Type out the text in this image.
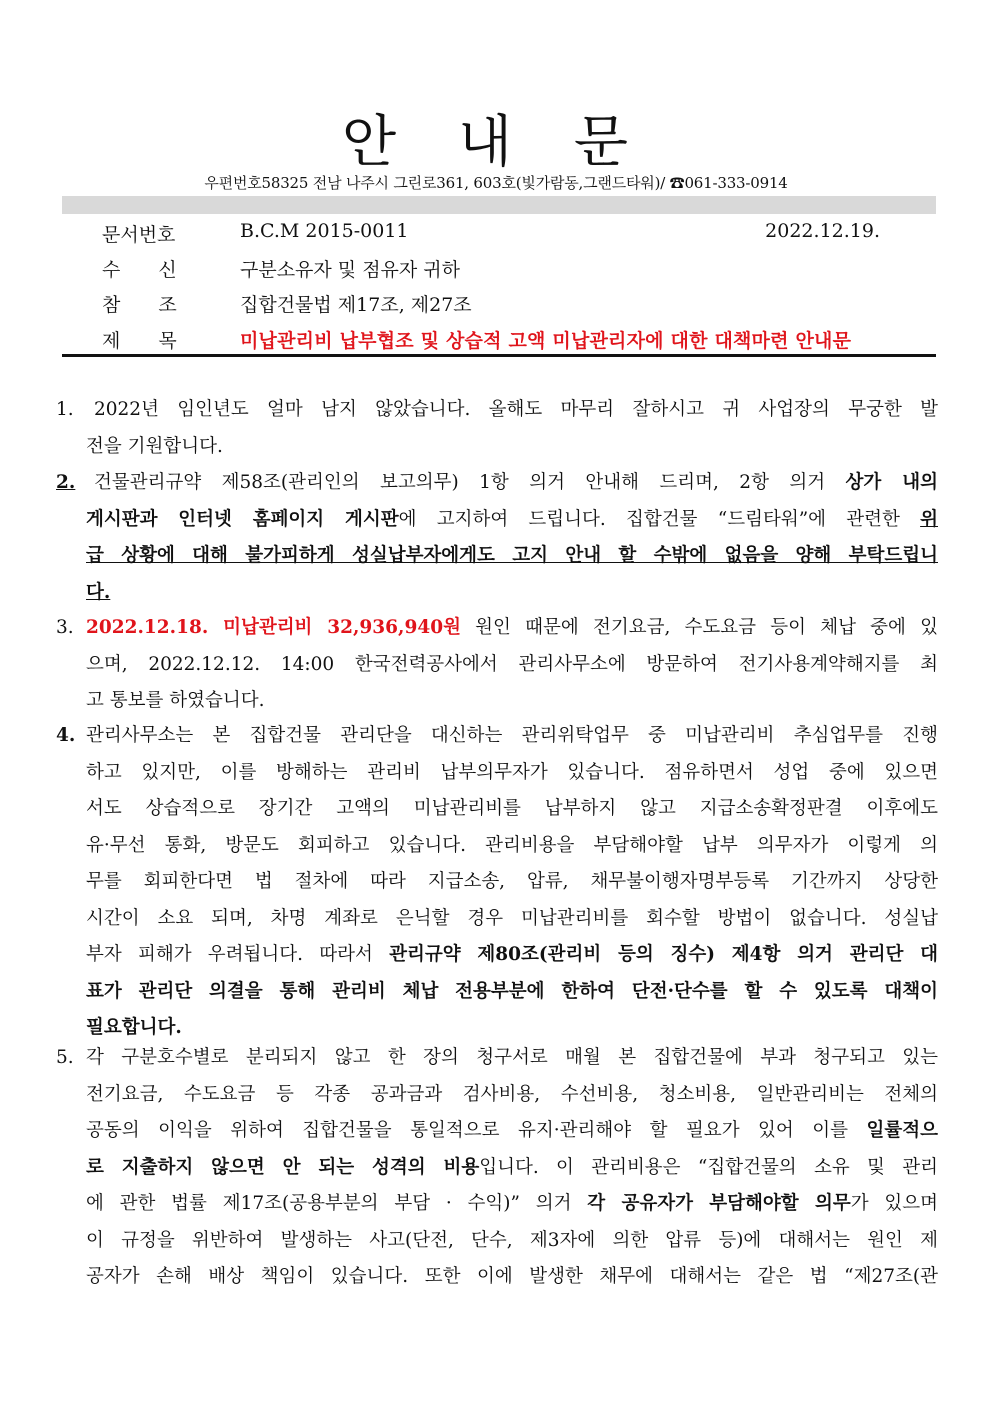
안 내 문
우편번호58325 전남 나주시 그린로361, 603호(빛가람동,그랜드타워)/ ☎061-333-0914
문서번호	B.C.M 2015-0011	2022.12.19.
수신 구분소유자 및 점유자 귀하
참조 집합건물법 제17조, 제27조
제목 미납관리비 납부협조 및 상습적 고액 미납관리자에 대한 대책마련 안내문
1.	2022년 임인년도 얼마 남지 않았습니다. 올해도 마무리 잘하시고 귀 사업장의 무궁한 발
전을 기원합니다.
2.	건물관리규약 제58조(관리인의 보고의무) 1항 의거 안내해 드리며, 2항 의거 상가 내의
게시판과 인터넷 홈페이지 게시판에 고지하여 드립니다. 집합건물 “드림타워”에 관련한 위
급 상황에 대해 불가피하게 성실납부자에게도 고지 안내 할 수밖에 없음을 양해 부탁드립니
다.
3. 2022.12.18. 미납관리비 32,936,940원 원인 때문에 전기요금, 수도요금 등이 체납 중에 있
으며, 2022.12.12. 14:00 한국전력공사에서 관리사무소에 방문하여 전기사용계약해지를 최
고 통보를 하였습니다.
4. 관리사무소는 본 집합건물 관리단을 대신하는 관리위탁업무 중 미납관리비 추심업무를 진행
하고 있지만, 이를 방해하는 관리비 납부의무자가 있습니다. 점유하면서 성업 중에 있으면
서도 상습적으로 장기간 고액의 미납관리비를 납부하지 않고 지급소송확정판결 이후에도
유·무선 통화, 방문도 회피하고 있습니다. 관리비용을 부담해야할 납부 의무자가 이렇게 의
무를 회피한다면 법 절차에 따라 지급소송, 압류, 채무불이행자명부등록 기간까지 상당한
시간이 소요 되며, 차명 계좌로 은닉할 경우 미납관리비를 회수할 방법이 없습니다. 성실납
부자 피해가 우려됩니다. 따라서 관리규약 제80조(관리비 등의 징수) 제4항 의거 관리단 대
표가 관리단 의결을 통해 관리비 체납 전용부분에 한하여 단전·단수를 할 수 있도록 대책이
필요합니다.
5. 각 구분호수별로 분리되지 않고 한 장의 청구서로 매월 본 집합건물에 부과 청구되고 있는
전기요금, 수도요금 등 각종 공과금과 검사비용, 수선비용, 청소비용, 일반관리비는 전체의
공동의 이익을 위하여 집합건물을 통일적으로 유지·관리해야 할 필요가 있어 이를 일률적으
로 지출하지 않으면 안 되는 성격의 비용입니다. 이 관리비용은 “집합건물의 소유 및 관리
에 관한 법률 제17조(공용부분의 부담 · 수익)” 의거 각 공유자가 부담해야할 의무가 있으며
이 규정을 위반하여 발생하는 사고(단전, 단수, 제3자에 의한 압류 등)에 대해서는 원인 제
공자가 손해 배상 책임이 있습니다. 또한 이에 발생한 채무에 대해서는 같은 법 “제27조(관
